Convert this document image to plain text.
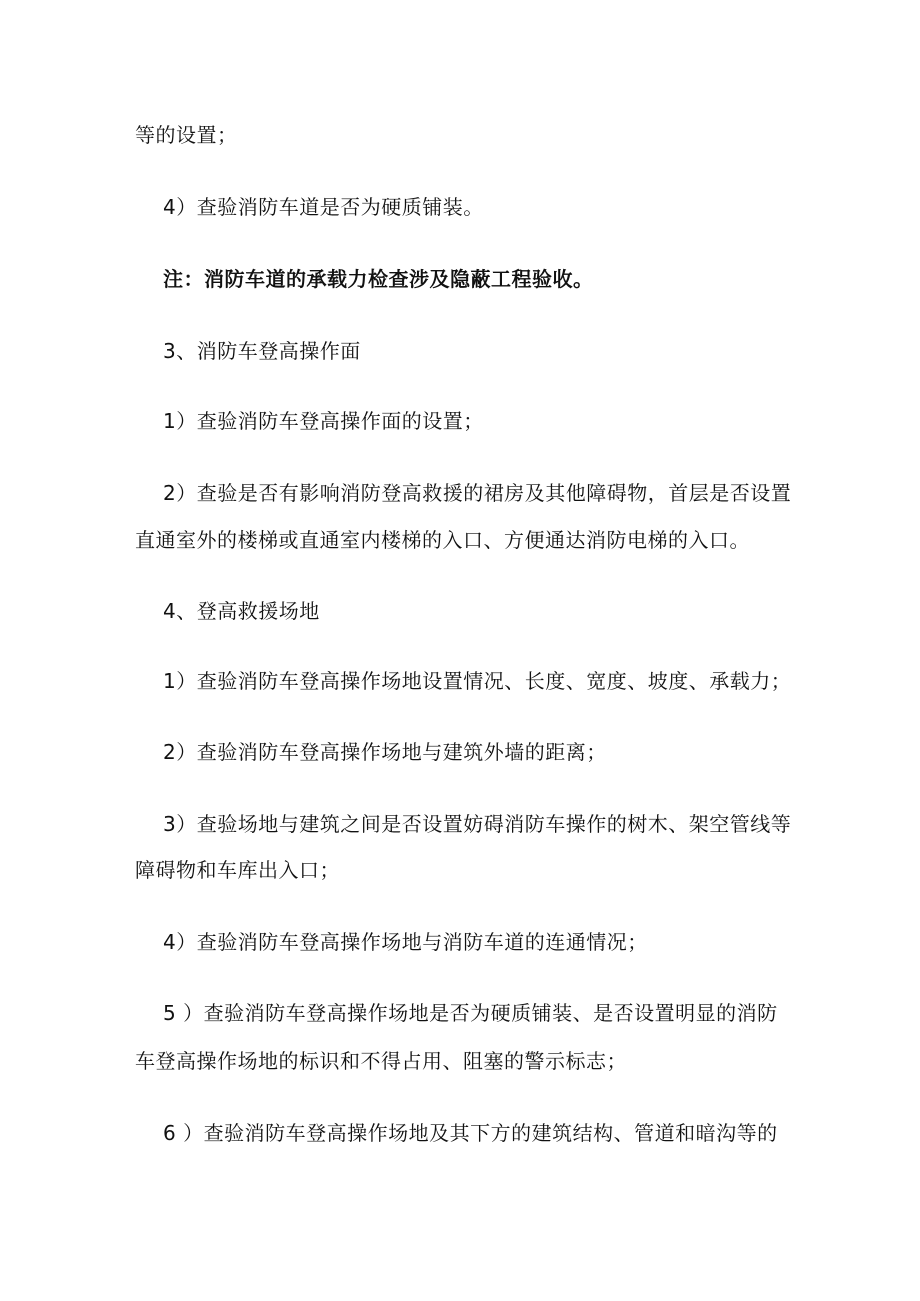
等的设置；
4）查验消防车道是否为硬质铺装。
注：消防车道的承载力检查涉及隐蔽工程验收。
3、消防车登高操作面
1）查验消防车登高操作面的设置；
2）查验是否有影响消防登高救援的裙房及其他障碍物，首层是否设置
直通室外的楼梯或直通室内楼梯的入口、方便通达消防电梯的入口。
4、登高救援场地
1）查验消防车登高操作场地设置情况、长度、宽度、坡度、承载力；
2）查验消防车登高操作场地与建筑外墙的距离；
3）查验场地与建筑之间是否设置妨碍消防车操作的树木、架空管线等
障碍物和车库出入口；
4）查验消防车登高操作场地与消防车道的连通情况；
5 ）查验消防车登高操作场地是否为硬质铺装、是否设置明显的消防
车登高操作场地的标识和不得占用、阻塞的警示标志；
6 ）查验消防车登高操作场地及其下方的建筑结构、管道和暗沟等的
